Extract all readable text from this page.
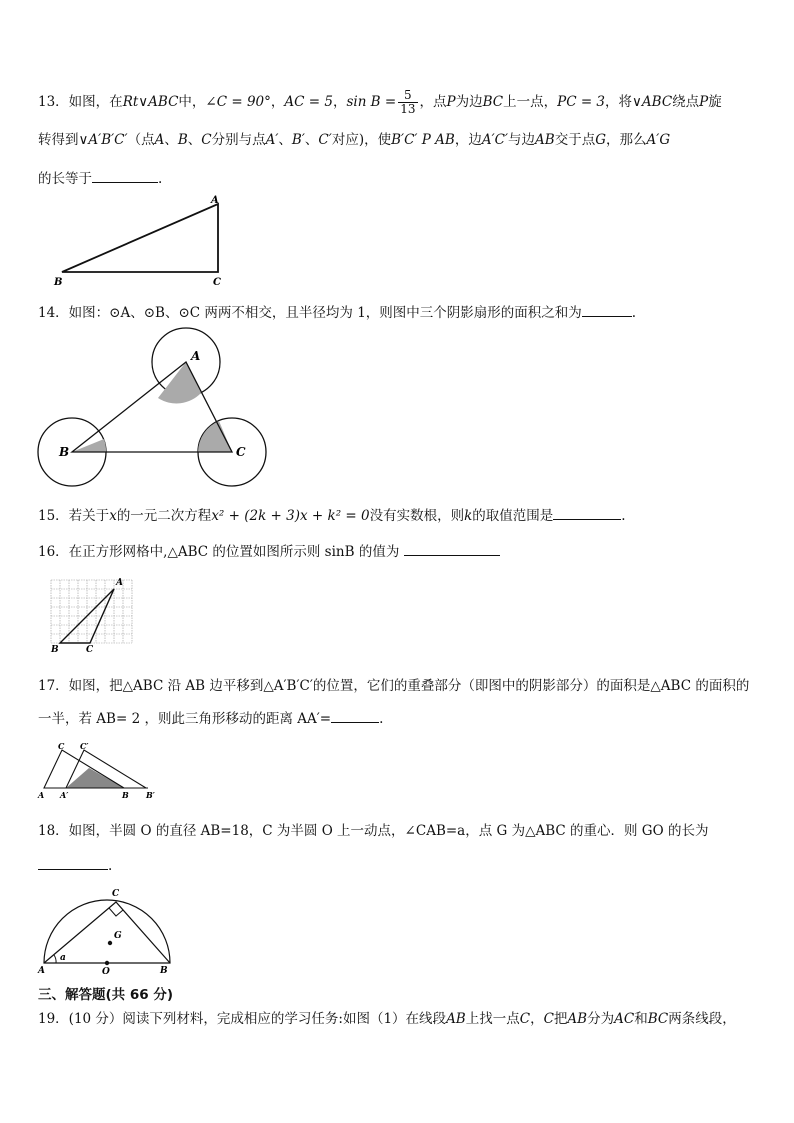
13．如图，在Rt∨ABC中，∠C = 90°，AC = 5，$\sin B = \frac{5}{13}$ ，点P为边BC上一点，PC = 3，将∨ABC绕点P旋
转得到∨A′B′C′（点A、B、C分别与点A′、B′、C′对应)，使B′C′ P AB，边A′C′与边AB交于点G，那么A′G
的长等于	.
A
B	C
14．如图：⊙A、⊙B、⊙C 两两不相交，且半径均为 1，则图中三个阴影扇形的面积之和为	.
A
B	C
15．若关于x的一元二次方程x² + (2k + 3)x + k² = 0没有实数根，则k的取值范围是	.
16．在正方形网格中,△ABC 的位置如图所示则 sinB 的值为
A
B	C
17．如图，把△ABC 沿 AB 边平移到△A′B′C′的位置，它们的重叠部分（即图中的阴影部分）的面积是△ABC 的面积的
一半，若 AB= 2 ，则此三角形移动的距离 AA′=	.
A A′	B B′
C C′
18．如图，半圆 O 的直径 AB=18，C 为半圆 O 上一动点，∠CAB=a，点 G 为△ABC 的重心．则 GO 的长为
.
C
G
A	O	B
a
三、解答题(共 66 分)
19．(10 分）阅读下列材料，完成相应的学习任务:如图（1）在线段AB上找一点C，C把AB分为AC和BC两条线段，
